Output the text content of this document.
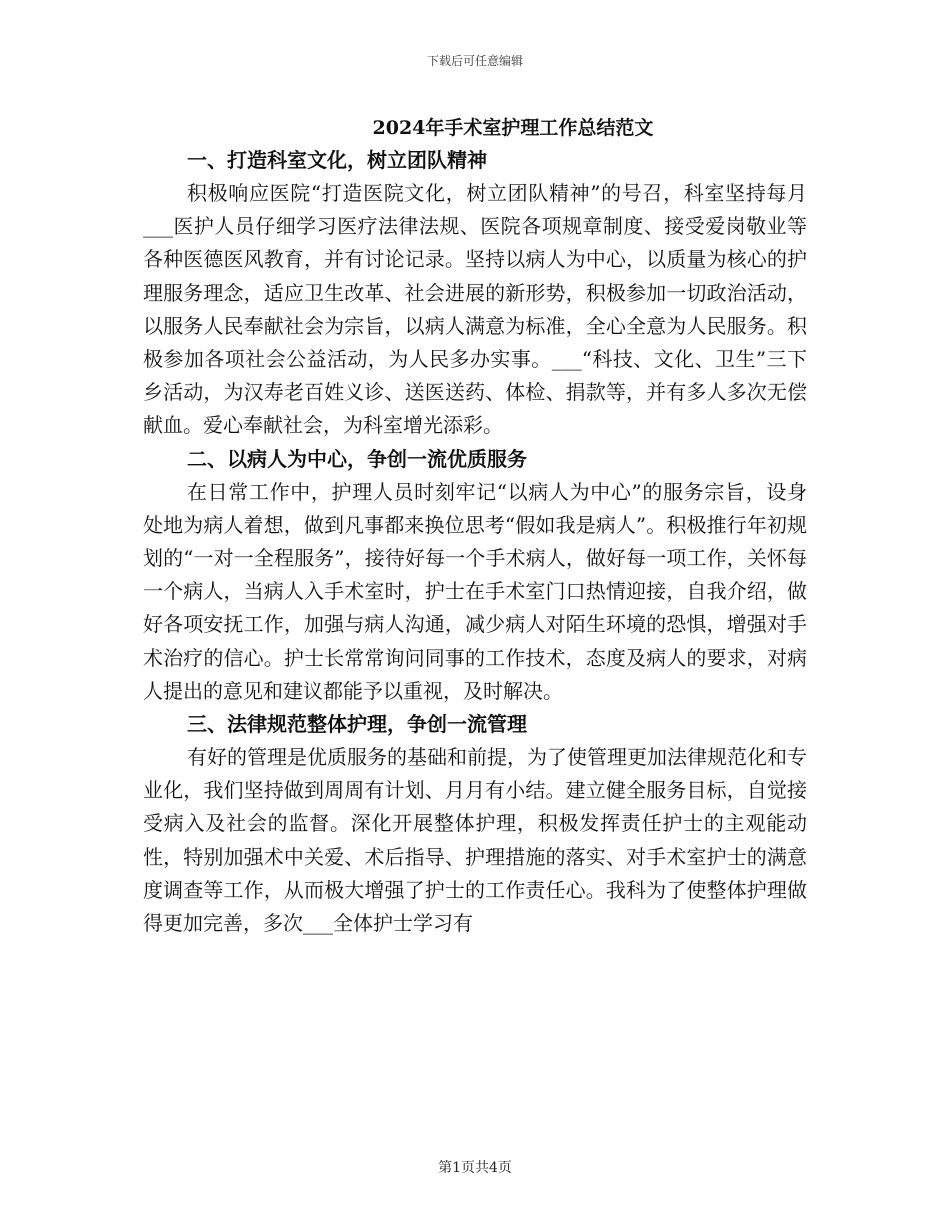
下载后可任意编辑
2024年手术室护理工作总结范文
一、打造科室文化，树立团队精神

积极响应医院“打造医院文化，树立团队精神”的号召，科室坚持每月___医护人员仔细学习医疗法律法规、医院各项规章制度、接受爱岗敬业等各种医德医风教育，并有讨论记录。坚持以病人为中心，以质量为核心的护理服务理念，适应卫生改革、社会进展的新形势，积极参加一切政治活动，以服务人民奉献社会为宗旨，以病人满意为标准，全心全意为人民服务。积极参加各项社会公益活动，为人民多办实事。___“科技、文化、卫生”三下乡活动，为汉寿老百姓义诊、送医送药、体检、捐款等，并有多人多次无偿献血。爱心奉献社会，为科室增光添彩。

二、以病人为中心，争创一流优质服务

在日常工作中，护理人员时刻牢记“以病人为中心”的服务宗旨，设身处地为病人着想，做到凡事都来换位思考“假如我是病人”。积极推行年初规划的“一对一全程服务”，接待好每一个手术病人，做好每一项工作，关怀每一个病人，当病人入手术室时，护士在手术室门口热情迎接，自我介绍，做好各项安抚工作，加强与病人沟通，减少病人对陌生环境的恐惧，增强对手术治疗的信心。护士长常常询问同事的工作技术，态度及病人的要求，对病人提出的意见和建议都能予以重视，及时解决。

三、法律规范整体护理，争创一流管理

有好的管理是优质服务的基础和前提，为了使管理更加法律规范化和专业化，我们坚持做到周周有计划、月月有小结。建立健全服务目标，自觉接受病入及社会的监督。深化开展整体护理，积极发挥责任护士的主观能动性，特别加强术中关爱、术后指导、护理措施的落实、对手术室护士的满意度调查等工作，从而极大增强了护士的工作责任心。我科为了使整体护理做得更加完善，多次___全体护士学习有

第1页共4页
